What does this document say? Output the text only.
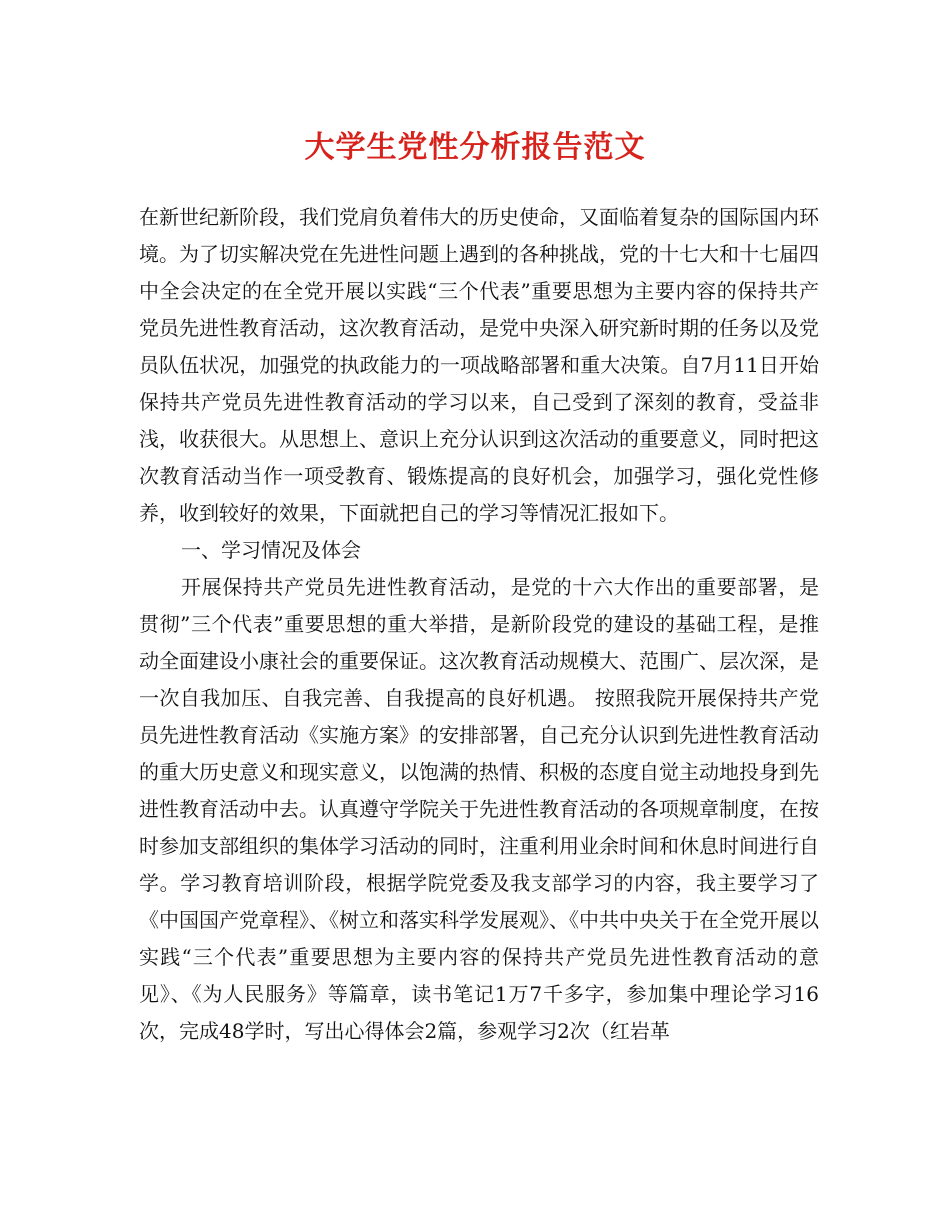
大学生党性分析报告范文

在新世纪新阶段，我们党肩负着伟大的历史使命，又面临着复杂的国际国内环境。为了切实解决党在先进性问题上遇到的各种挑战，党的十七大和十七届四中全会决定的在全党开展以实践“三个代表”重要思想为主要内容的保持共产党员先进性教育活动，这次教育活动，是党中央深入研究新时期的任务以及党员队伍状况，加强党的执政能力的一项战略部署和重大决策。自7月11日开始保持共产党员先进性教育活动的学习以来，自己受到了深刻的教育，受益非浅，收获很大。从思想上、意识上充分认识到这次活动的重要意义，同时把这次教育活动当作一项受教育、锻炼提高的良好机会，加强学习，强化党性修养，收到较好的效果，下面就把自己的学习等情况汇报如下。

一、学习情况及体会

开展保持共产党员先进性教育活动，是党的十六大作出的重要部署，是贯彻”三个代表”重要思想的重大举措，是新阶段党的建设的基础工程，是推动全面建设小康社会的重要保证。这次教育活动规模大、范围广、层次深，是一次自我加压、自我完善、自我提高的良好机遇。 按照我院开展保持共产党员先进性教育活动《实施方案》的安排部署，自己充分认识到先进性教育活动的重大历史意义和现实意义，以饱满的热情、积极的态度自觉主动地投身到先进性教育活动中去。认真遵守学院关于先进性教育活动的各项规章制度，在按时参加支部组织的集体学习活动的同时，注重利用业余时间和休息时间进行自学。学习教育培训阶段，根据学院党委及我支部学习的内容，我主要学习了《中国国产党章程》、《树立和落实科学发展观》、《中共中央关于在全党开展以实践“三个代表”重要思想为主要内容的保持共产党员先进性教育活动的意见》、《为人民服务》等篇章，读书笔记1万7千多字，参加集中理论学习16次，完成48学时，写出心得体会2篇，参观学习2次（红岩革
